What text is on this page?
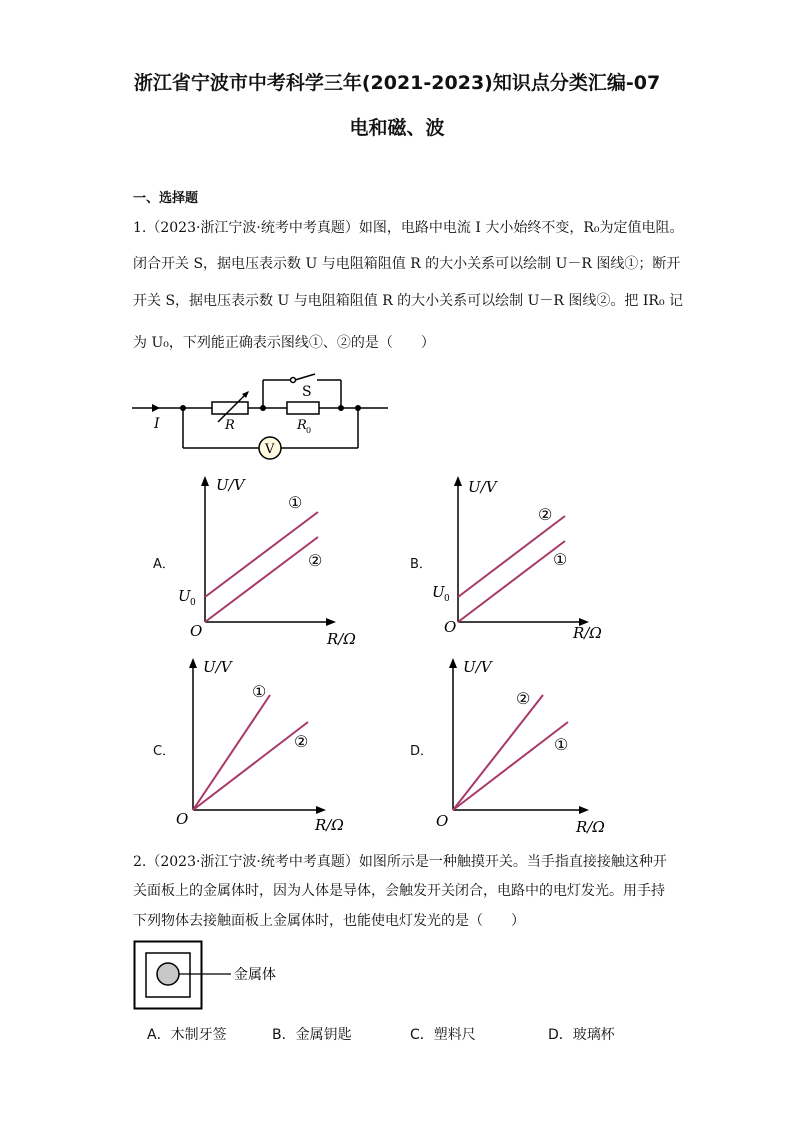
浙江省宁波市中考科学三年(2021-2023)知识点分类汇编-07
电和磁、波
一、选择题
1.（2023·浙江宁波·统考中考真题）如图，电路中电流 I 大小始终不变，R₀为定值电阻。
闭合开关 S，据电压表示数 U 与电阻箱阻值 R 的大小关系可以绘制 U－R 图线①；断开
开关 S，据电压表示数 U 与电阻箱阻值 R 的大小关系可以绘制 U－R 图线②。把 IR₀ 记
为 U₀，下列能正确表示图线①、②的是（　　）
I	R	R 0
S
V
A．
U/V
R/Ω
O
U 0
①
②	B．
U/V
R/Ω
O
U 0
②
①
C．
U/V
R/Ω
O
①
②
D．
U/V
R/Ω
O
②
①
2.（2023·浙江宁波·统考中考真题）如图所示是一种触摸开关。当手指直接接触这种开
关面板上的金属体时，因为人体是导体，会触发开关闭合，电路中的电灯发光。用手持
下列物体去接触面板上金属体时，也能使电灯发光的是（　　）
金属体
A．木制牙签	B．金属钥匙	C．塑料尺	D．玻璃杯
